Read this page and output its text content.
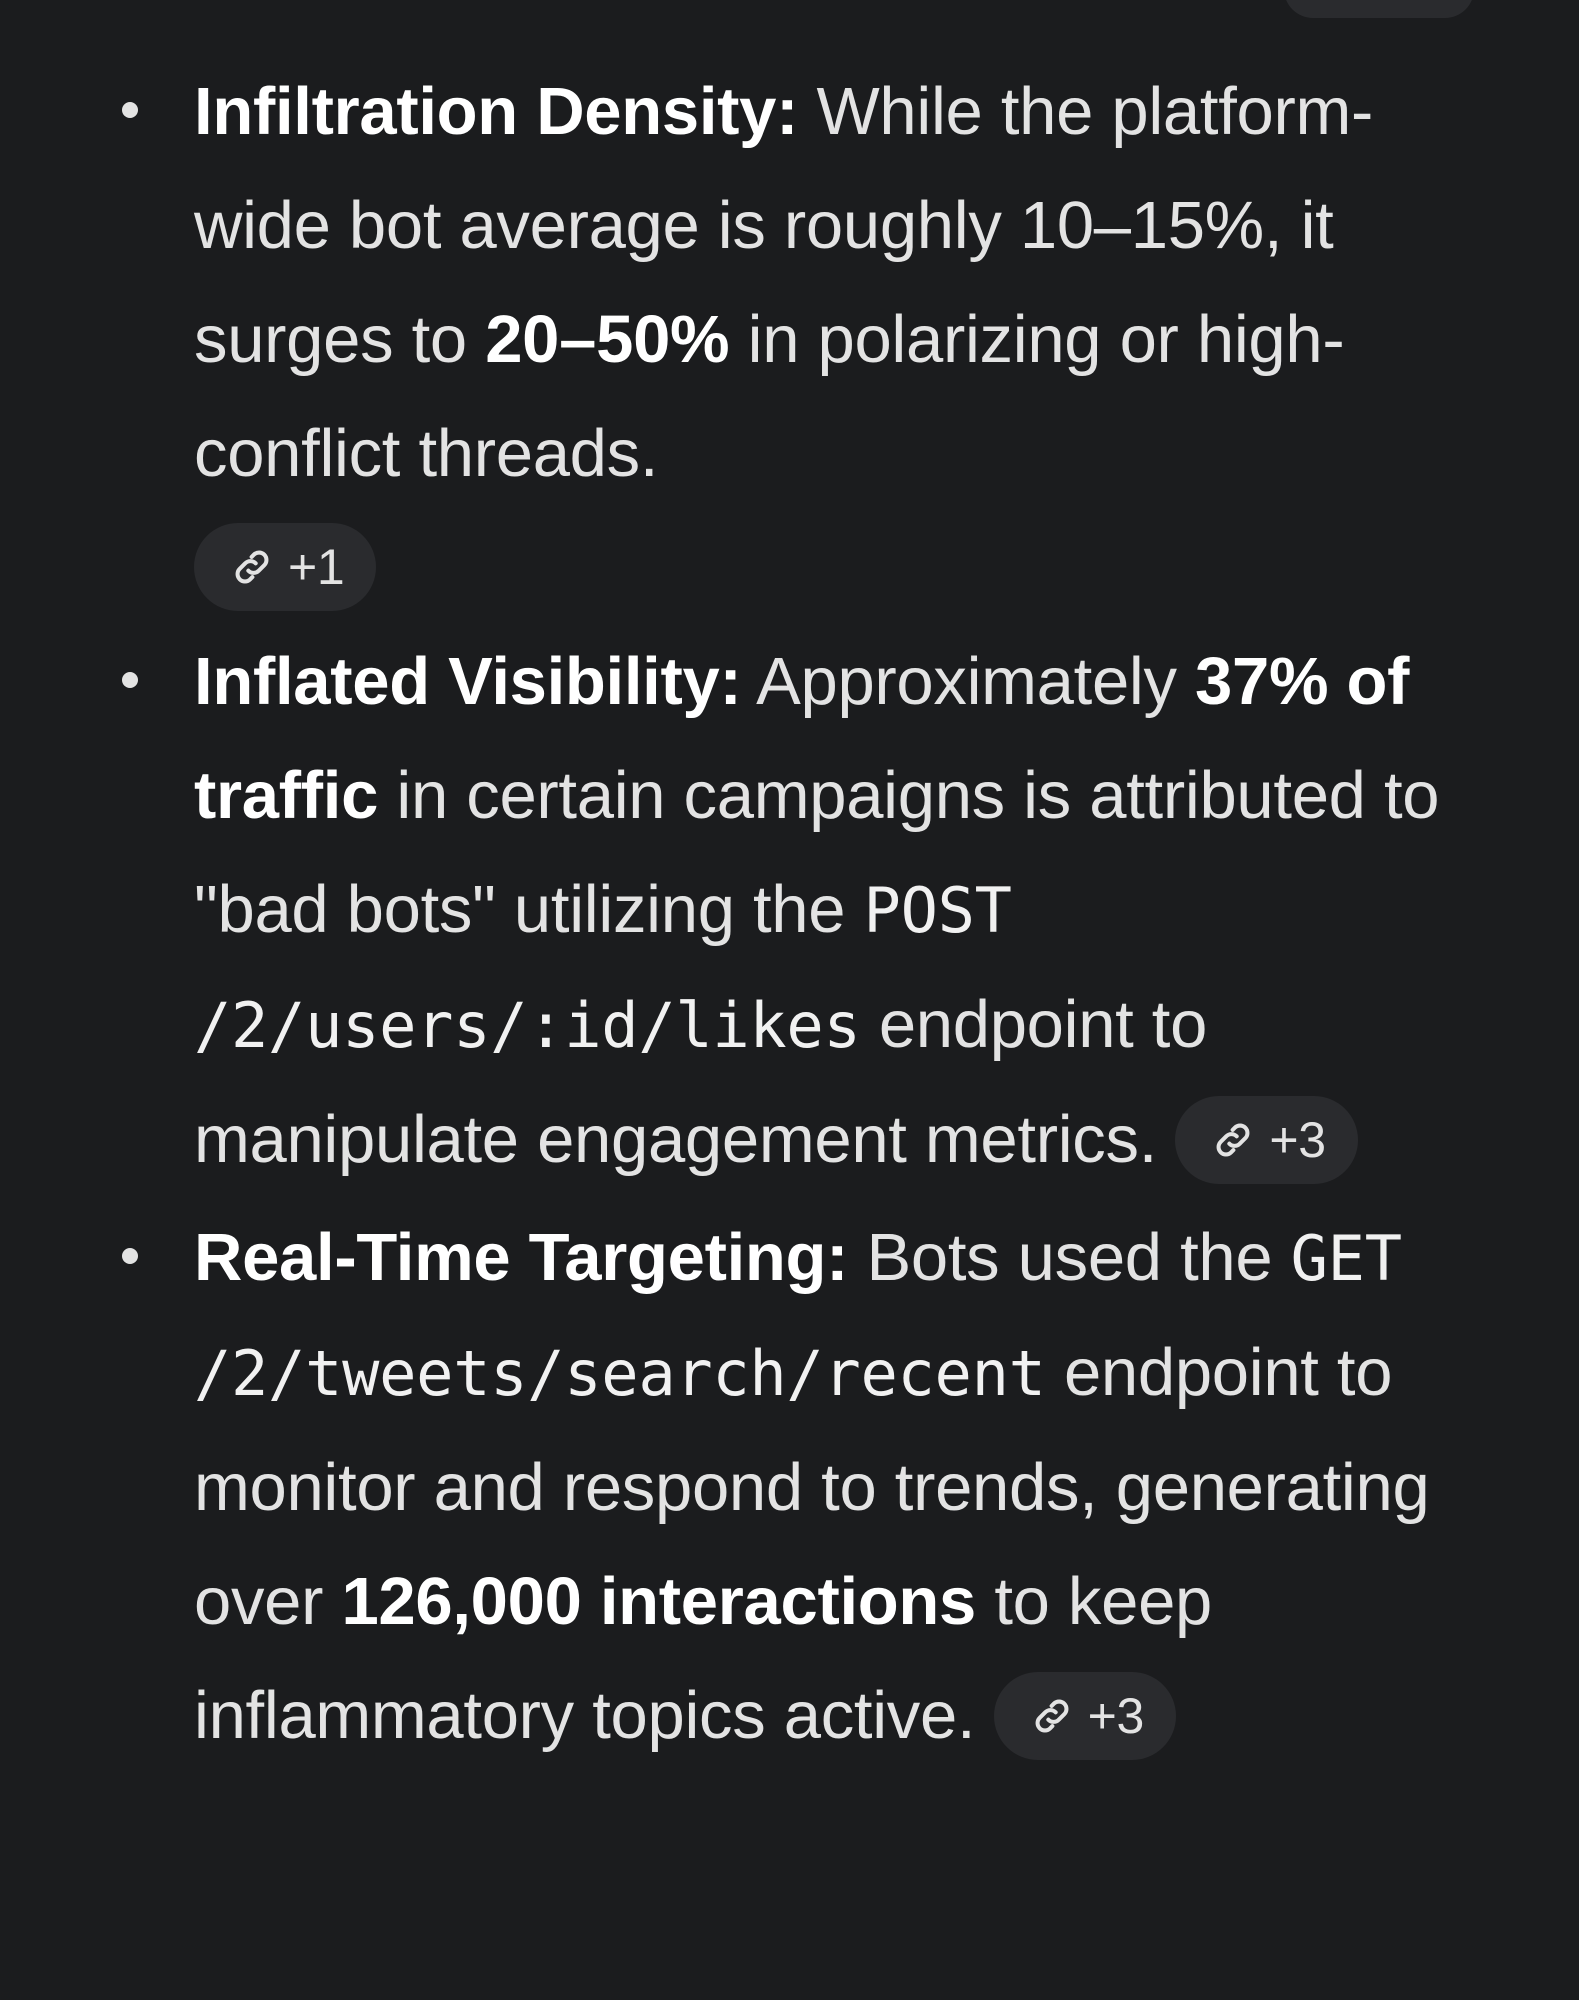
Infiltration Density: While the platform-wide bot average is roughly 10–15%, it surges to 20–50% in polarizing or high-conflict threads.
+1
Inflated Visibility: Approximately 37% of traffic in certain campaigns is attributed to "bad bots" utilizing the POST /2/users/:id/likes endpoint to manipulate engagement metrics. +3
Real-Time Targeting: Bots used the GET /2/tweets/search/recent endpoint to monitor and respond to trends, generating over 126,000 interactions to keep inflammatory topics active. +3
